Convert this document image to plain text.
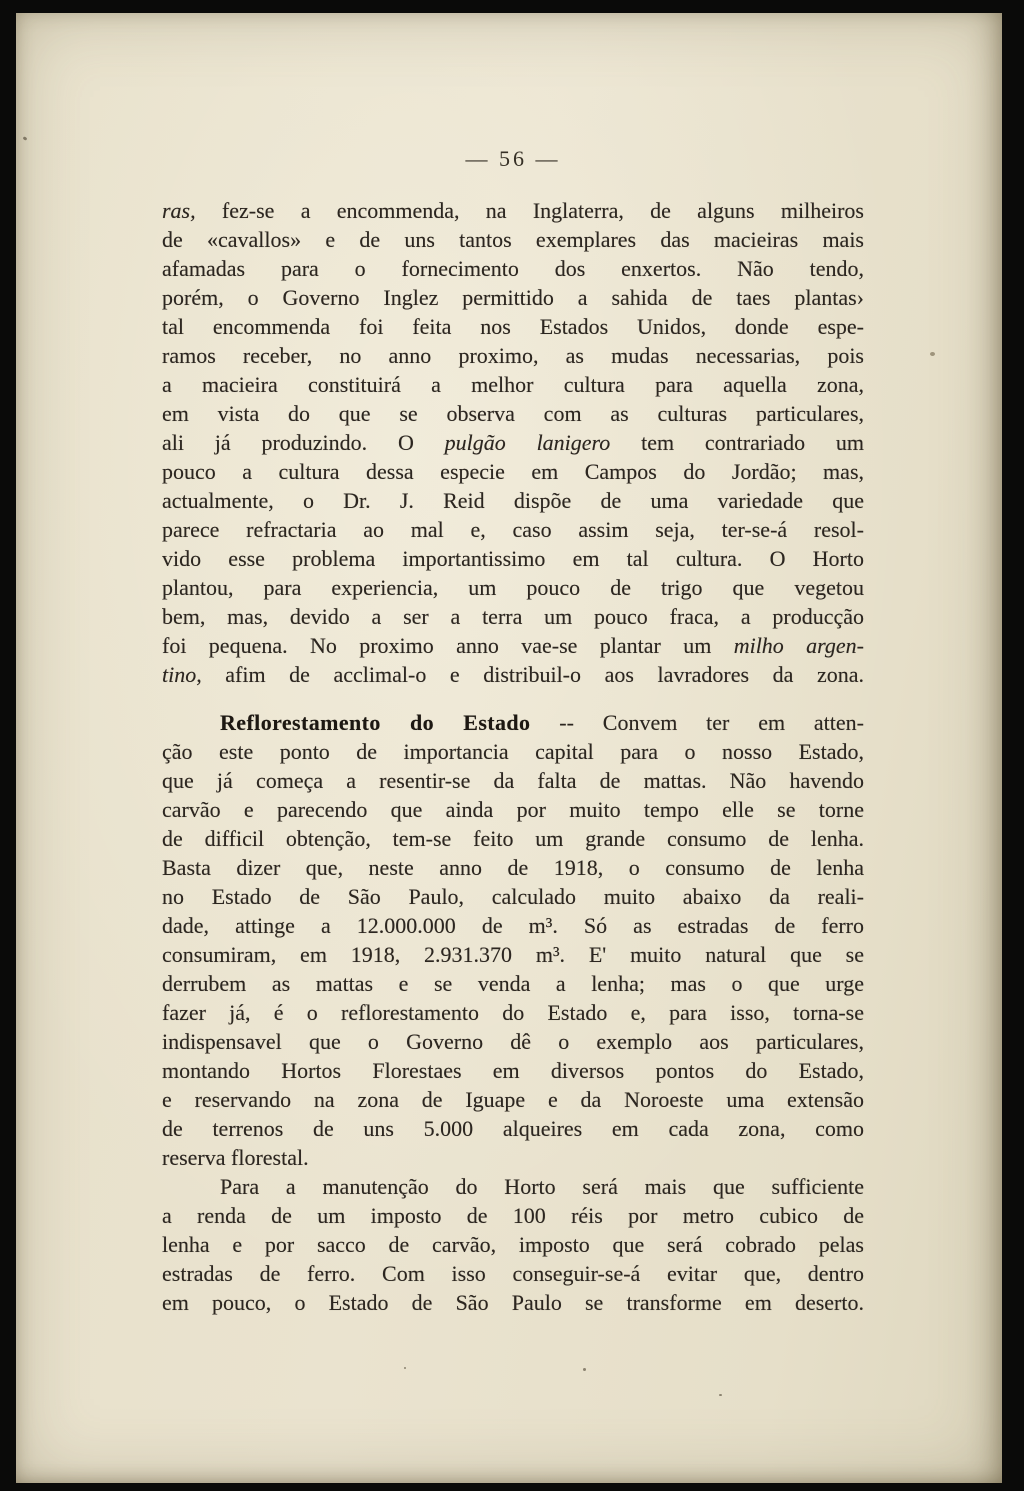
— 56 —
ras, fez-se a encommenda, na Inglaterra, de alguns milheiros
de «cavallos» e de uns tantos exemplares das macieiras mais
afamadas para o fornecimento dos enxertos. Não tendo,
porém, o Governo Inglez permittido a sahida de taes plantas›
tal encommenda foi feita nos Estados Unidos, donde espe-
ramos receber, no anno proximo, as mudas necessarias, pois
a macieira constituirá a melhor cultura para aquella zona,
em vista do que se observa com as culturas particulares,
ali já produzindo. O pulgão lanigero tem contrariado um
pouco a cultura dessa especie em Campos do Jordão; mas,
actualmente, o Dr. J. Reid dispõe de uma variedade que
parece refractaria ao mal e, caso assim seja, ter-se-á resol-
vido esse problema importantissimo em tal cultura. O Horto
plantou, para experiencia, um pouco de trigo que vegetou
bem, mas, devido a ser a terra um pouco fraca, a producção
foi pequena. No proximo anno vae-se plantar um milho argen-
tino, afim de acclimal-o e distribuil-o aos lavradores da zona.
Reflorestamento do Estado -- Convem ter em atten-
ção este ponto de importancia capital para o nosso Estado,
que já começa a resentir-se da falta de mattas. Não havendo
carvão e parecendo que ainda por muito tempo elle se torne
de difficil obtenção, tem-se feito um grande consumo de lenha.
Basta dizer que, neste anno de 1918, o consumo de lenha
no Estado de São Paulo, calculado muito abaixo da reali-
dade, attinge a 12.000.000 de m³. Só as estradas de ferro
consumiram, em 1918, 2.931.370 m³. E' muito natural que se
derrubem as mattas e se venda a lenha; mas o que urge
fazer já, é o reflorestamento do Estado e, para isso, torna-se
indispensavel que o Governo dê o exemplo aos particulares,
montando Hortos Florestaes em diversos pontos do Estado,
e reservando na zona de Iguape e da Noroeste uma extensão
de terrenos de uns 5.000 alqueires em cada zona, como
reserva florestal.
Para a manutenção do Horto será mais que sufficiente
a renda de um imposto de 100 réis por metro cubico de
lenha e por sacco de carvão, imposto que será cobrado pelas
estradas de ferro. Com isso conseguir-se-á evitar que, dentro
em pouco, o Estado de São Paulo se transforme em deserto.
